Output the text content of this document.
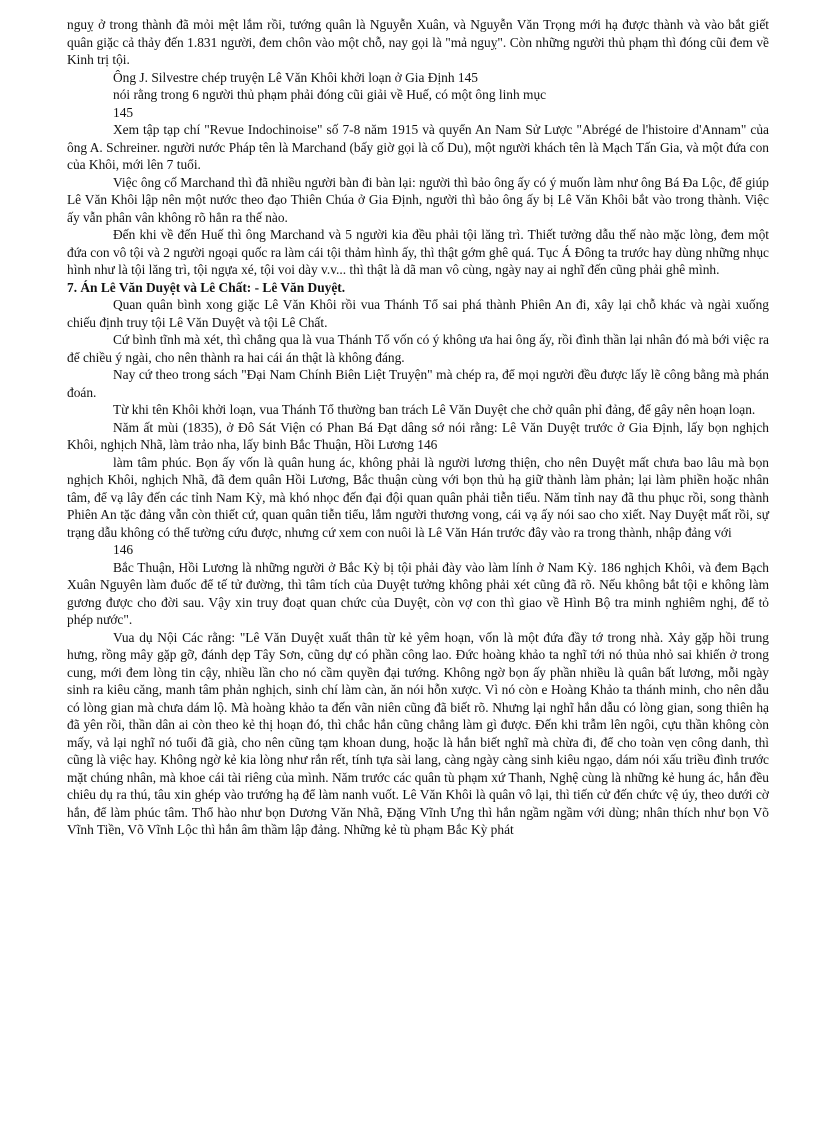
nguỵ ở trong thành đã mỏi mệt lắm rồi, tướng quân là Nguyễn Xuân, và Nguyễn Văn Trọng mới hạ được thành và vào bắt giết quân giặc cả thảy đến 1.831 người, đem chôn vào một chỗ, nay gọi là "mả nguỵ". Còn những người thủ phạm thì đóng cũi đem về Kinh trị tội.

Ông J. Silvestre chép truyện Lê Văn Khôi khởi loạn ở Gia Định 145

nói rằng trong 6 người thủ phạm phải đóng cũi giải về Huế, có một ông linh mục

145

Xem tập tạp chí "Revue Indochinoise" số 7-8 năm 1915 và quyển An Nam Sử Lược "Abrégé de l'histoire d'Annam" của ông A. Schreiner. người nước Pháp tên là Marchand (bấy giờ gọi là cố Du), một người khách tên là Mạch Tấn Gia, và một đứa con của Khôi, mới lên 7 tuổi.

Việc ông cố Marchand thì đã nhiều người bàn đi bàn lại: người thì bảo ông ấy có ý muốn làm như ông Bá Đa Lộc, để giúp Lê Văn Khôi lập nên một nước theo đạo Thiên Chúa ở Gia Định, người thì bảo ông ấy bị Lê Văn Khôi bắt vào trong thành. Việc ấy vẫn phân vân không rõ hẳn ra thế nào.

Đến khi về đến Huế thì ông Marchand và 5 người kia đều phải tội lăng trì. Thiết tưởng dẫu thế nào mặc lòng, đem một đứa con vô tội và 2 người ngoại quốc ra làm cái tội thảm hình ấy, thì thật gớm ghê quá. Tục Á Đông ta trước hay dùng những nhục hình như là tội lăng trì, tội ngựa xé, tội voi dày v.v... thì thật là dã man vô cùng, ngày nay ai nghĩ đến cũng phải ghê mình.

7. Án Lê Văn Duyệt và Lê Chất: - Lê Văn Duyệt.

Quan quân bình xong giặc Lê Văn Khôi rồi vua Thánh Tổ sai phá thành Phiên An đi, xây lại chỗ khác và ngài xuống chiếu định truy tội Lê Văn Duyệt và tội Lê Chất.

Cứ bình tĩnh mà xét, thì chẳng qua là vua Thánh Tổ vốn có ý không ưa hai ông ấy, rồi đình thần lại nhân đó mà bới việc ra để chiều ý ngài, cho nên thành ra hai cái án thật là không đáng.

Nay cứ theo trong sách "Đại Nam Chính Biên Liệt Truyện" mà chép ra, để mọi người đều được lấy lẽ công bằng mà phán đoán.

Từ khi tên Khôi khởi loạn, vua Thánh Tổ thường ban trách Lê Văn Duyệt che chở quân phỉ đảng, để gây nên hoạn loạn.

Năm ất mùi (1835), ở Đô Sát Viện có Phan Bá Đạt dâng sớ nói rằng: Lê Văn Duyệt trước ở Gia Định, lấy bọn nghịch Khôi, nghịch Nhã, làm trảo nha, lấy binh Bắc Thuận, Hồi Lương 146

làm tâm phúc. Bọn ấy vốn là quân hung ác, không phải là người lương thiện, cho nên Duyệt mất chưa bao lâu mà bọn nghịch Khôi, nghịch Nhã, đã đem quân Hồi Lương, Bắc thuận cùng với bọn thủ hạ giữ thành làm phản; lại làm phiền hoặc nhân tâm, để vạ lây đến các tỉnh Nam Kỳ, mà khó nhọc đến đại đội quan quân phải tiễn tiểu. Năm tỉnh nay đã thu phục rồi, song thành Phiên An tặc đảng vẫn còn thiết cứ, quan quân tiễn tiểu, lắm người thương vong, cái vạ ấy nói sao cho xiết. Nay Duyệt mất rồi, sự trạng dẫu không có thể tường cứu được, nhưng cứ xem con nuôi là Lê Văn Hán trước đây vào ra trong thành, nhập đảng với

146

Bắc Thuận, Hồi Lương là những người ở Bắc Kỳ bị tội phải đày vào làm lính ở Nam Kỳ. 186 nghịch Khôi, và đem Bạch Xuân Nguyên làm đuốc để tế tử đường, thì tâm tích của Duyệt tưởng không phải xét cũng đã rõ. Nếu không bắt tội e không làm gương được cho đời sau. Vậy xin truy đoạt quan chức của Duyệt, còn vợ con thì giao về Hình Bộ tra minh nghiêm nghị, để tỏ phép nước".

Vua dụ Nội Các rằng: "Lê Văn Duyệt xuất thân từ kẻ yêm hoạn, vốn là một đứa đầy tớ trong nhà. Xảy gặp hồi trung hưng, rồng mây gặp gỡ, đánh dẹp Tây Sơn, cũng dự có phần công lao. Đức hoàng khảo ta nghĩ tới nó thủa nhỏ sai khiến ở trong cung, mới đem lòng tin cậy, nhiều lần cho nó cầm quyền đại tướng. Không ngờ bọn ấy phần nhiều là quân bất lương, mỗi ngày sinh ra kiêu căng, manh tâm phản nghịch, sinh chí làm càn, ăn nói hỗn xược. Vì nó còn e Hoàng Khảo ta thánh minh, cho nên dẫu có lòng gian mà chưa dám lộ. Mà hoàng khảo ta đến vãn niên cũng đã biết rõ. Nhưng lại nghĩ hắn dẫu có lòng gian, song thiên hạ đã yên rồi, thần dân ai còn theo kẻ thị hoạn đó, thì chắc hắn cũng chẳng làm gì được. Đến khi trẫm lên ngôi, cựu thần không còn mấy, vả lại nghĩ nó tuổi đã già, cho nên cũng tạm khoan dung, hoặc là hắn biết nghĩ mà chừa đi, để cho toàn vẹn công danh, thì cũng là việc hay. Không ngờ kẻ kia lòng như rắn rết, tính tựa sài lang, càng ngày càng sinh kiêu ngạo, dám nói xấu triều đình trước mặt chúng nhân, mà khoe cái tài riêng của mình. Năm trước các quân tù phạm xứ Thanh, Nghệ cùng là những kẻ hung ác, hắn đều chiêu dụ ra thú, tâu xin ghép vào trướng hạ để làm nanh vuốt. Lê Văn Khôi là quân vô lại, thì tiến cử đến chức vệ úy, theo dưới cờ hắn, để làm phúc tâm. Thổ hào như bọn Dương Văn Nhã, Đặng Vĩnh Ưng thì hắn ngầm ngầm với dùng; nhân thích như bọn Võ Vĩnh Tiền, Võ Vĩnh Lộc thì hắn âm thầm lập đảng. Những kẻ tù phạm Bắc Kỳ phát
